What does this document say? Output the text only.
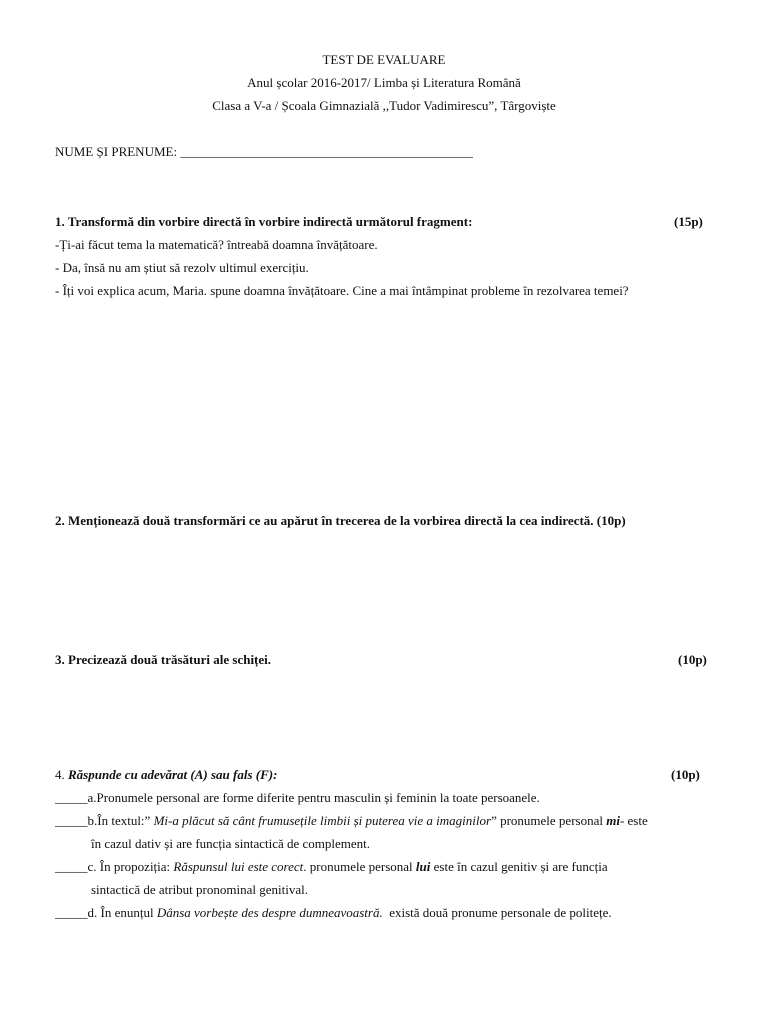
TEST DE EVALUARE
Anul școlar 2016-2017/ Limba și Literatura Română
Clasa a V-a / Școala Gimnazială ,,Tudor Vadimirescu”, Târgoviște
NUME ȘI PRENUME: _____________________________________________
1. Transformă din vorbire directă în vorbire indirectă următorul fragment:	(15p)
-Ți-ai făcut tema la matematică? întreabă doamna învățătoare.
- Da, însă nu am știut să rezolv ultimul exercițiu.
- Îți voi explica acum, Maria. spune doamna învățătoare. Cine a mai întâmpinat probleme în rezolvarea temei?
2. Menționează două transformări ce au apărut în trecerea de la vorbirea directă la cea indirectă. (10p)
3. Precizează două trăsături ale schiței.	(10p)
4. Răspunde cu adevărat (A) sau fals (F):	(10p)
_____a.Pronumele personal are forme diferite pentru masculin și feminin la toate persoanele.
_____b.În textul:” Mi-a plăcut să cânt frumusețile limbii și puterea vie a imaginilor” pronumele personal mi- este
în cazul dativ și are funcția sintactică de complement.
_____c. În propoziția: Răspunsul lui este corect. pronumele personal lui este în cazul genitiv și are funcția
sintactică de atribut pronominal genitival.
_____d. În enunțul Dânsa vorbește des despre dumneavoastră.  există două pronume personale de politețe.
